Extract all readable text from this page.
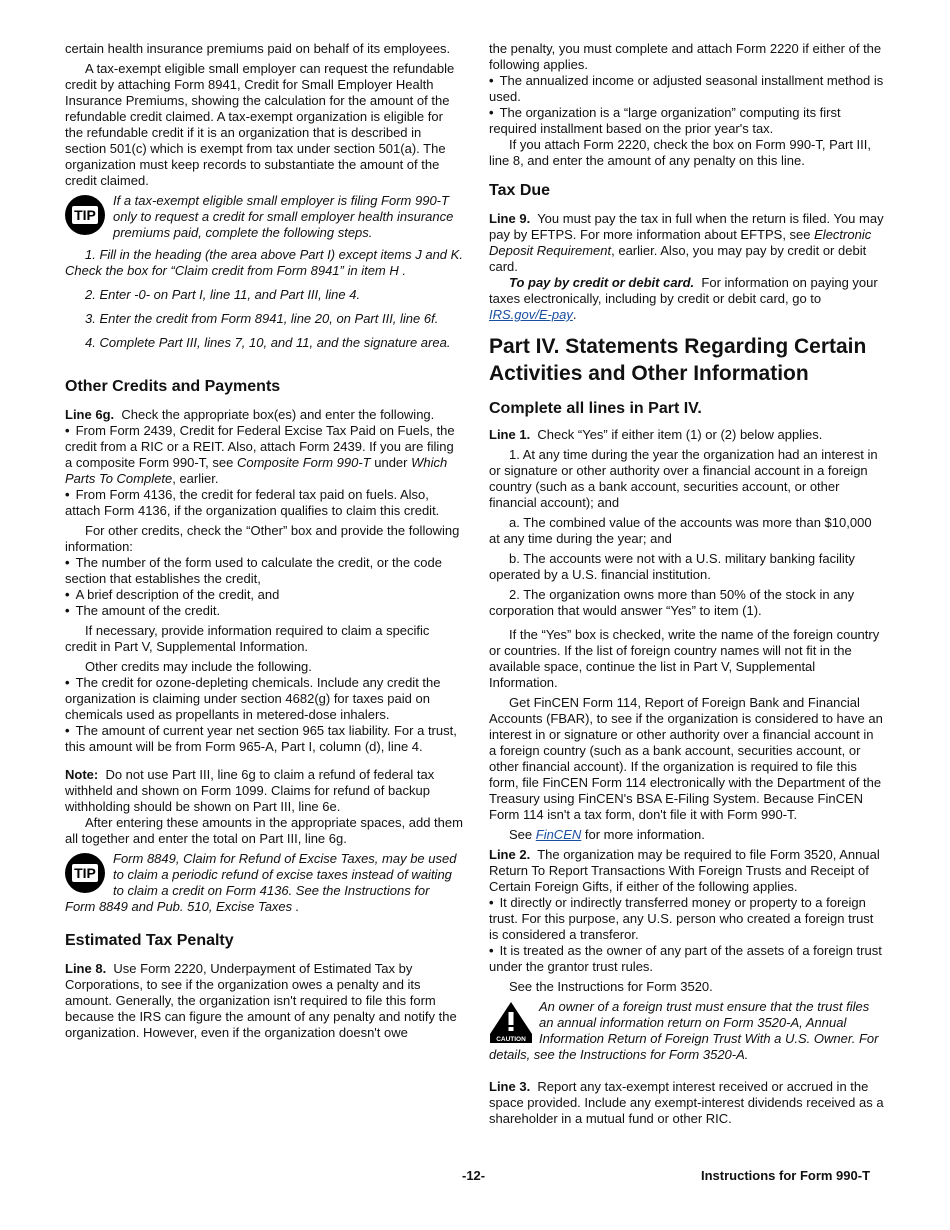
certain health insurance premiums paid on behalf of its employees.

A tax-exempt eligible small employer can request the refundable credit by attaching Form 8941, Credit for Small Employer Health Insurance Premiums, showing the calculation for the amount of the refundable credit claimed. A tax-exempt organization is eligible for the refundable credit if it is an organization that is described in section 501(c) which is exempt from tax under section 501(a). The organization must keep records to substantiate the amount of the credit claimed.

TIP
If a tax-exempt eligible small employer is filing Form 990-T only to request a credit for small employer health insurance premiums paid, complete the following steps.

1. Fill in the heading (the area above Part I) except items J and K. Check the box for “Claim credit from Form 8941” in item H .

2. Enter -0- on Part I, line 11, and Part III, line 4.

3. Enter the credit from Form 8941, line 20, on Part III, line 6f.

4. Complete Part III, lines 7, 10, and 11, and the signature area.

Other Credits and Payments

Line 6g. Check the appropriate box(es) and enter the following.

• From Form 2439, Credit for Federal Excise Tax Paid on Fuels, the credit from a RIC or a REIT. Also, attach Form 2439. If you are filing a composite Form 990-T, see Composite Form 990-T under Which Parts To Complete, earlier.

• From Form 4136, the credit for federal tax paid on fuels. Also, attach Form 4136, if the organization qualifies to claim this credit.

For other credits, check the “Other” box and provide the following information:

• The number of the form used to calculate the credit, or the code section that establishes the credit,

• A brief description of the credit, and

• The amount of the credit.

If necessary, provide information required to claim a specific credit in Part V, Supplemental Information.

Other credits may include the following.

• The credit for ozone-depleting chemicals. Include any credit the organization is claiming under section 4682(g) for taxes paid on chemicals used as propellants in metered-dose inhalers.

• The amount of current year net section 965 tax liability. For a trust, this amount will be from Form 965-A, Part I, column (d), line 4.

Note: Do not use Part III, line 6g to claim a refund of federal tax withheld and shown on Form 1099. Claims for refund of backup withholding should be shown on Part III, line 6e.

After entering these amounts in the appropriate spaces, add them all together and enter the total on Part III, line 6g.

TIP
Form 8849, Claim for Refund of Excise Taxes, may be used to claim a periodic refund of excise taxes instead of waiting to claim a credit on Form 4136. See the Instructions for Form 8849 and Pub. 510, Excise Taxes .
Estimated Tax Penalty

Line 8. Use Form 2220, Underpayment of Estimated Tax by Corporations, to see if the organization owes a penalty and its amount. Generally, the organization isn't required to file this form because the IRS can figure the amount of any penalty and notify the organization. However, even if the organization doesn't owe

the penalty, you must complete and attach Form 2220 if either of the following applies.

• The annualized income or adjusted seasonal installment method is used.

• The organization is a “large organization” computing its first required installment based on the prior year's tax.

If you attach Form 2220, check the box on Form 990-T, Part III, line 8, and enter the amount of any penalty on this line.

Tax Due

Line 9. You must pay the tax in full when the return is filed. You may pay by EFTPS. For more information about EFTPS, see Electronic Deposit Requirement, earlier. Also, you may pay by credit or debit card.

To pay by credit or debit card. For information on paying your taxes electronically, including by credit or debit card, go to IRS.gov/E-pay.

Part IV. Statements Regarding Certain Activities and Other Information
Complete all lines in Part IV.

Line 1. Check “Yes” if either item (1) or (2) below applies.

1. At any time during the year the organization had an interest in or signature or other authority over a financial account in a foreign country (such as a bank account, securities account, or other financial account); and

a. The combined value of the accounts was more than $10,000 at any time during the year; and

b. The accounts were not with a U.S. military banking facility operated by a U.S. financial institution.

2. The organization owns more than 50% of the stock in any corporation that would answer “Yes” to item (1).

If the “Yes” box is checked, write the name of the foreign country or countries. If the list of foreign country names will not fit in the available space, continue the list in Part V, Supplemental Information.

Get FinCEN Form 114, Report of Foreign Bank and Financial Accounts (FBAR), to see if the organization is considered to have an interest in or signature or other authority over a financial account in a foreign country (such as a bank account, securities account, or other financial account). If the organization is required to file this form, file FinCEN Form 114 electronically with the Department of the Treasury using FinCEN's BSA E-Filing System. Because FinCEN Form 114 isn't a tax form, don't file it with Form 990-T.

See FinCEN for more information.

Line 2. The organization may be required to file Form 3520, Annual Return To Report Transactions With Foreign Trusts and Receipt of Certain Foreign Gifts, if either of the following applies.

• It directly or indirectly transferred money or property to a foreign trust. For this purpose, any U.S. person who created a foreign trust is considered a transferor.

• It is treated as the owner of any part of the assets of a foreign trust under the grantor trust rules.

See the Instructions for Form 3520.

CAUTION
An owner of a foreign trust must ensure that the trust files an annual information return on Form 3520-A, Annual Information Return of Foreign Trust With a U.S. Owner. For details, see the Instructions for Form 3520-A.

Line 3. Report any tax-exempt interest received or accrued in the space provided. Include any exempt-interest dividends received as a shareholder in a mutual fund or other RIC.

-12-	Instructions for Form 990-T
